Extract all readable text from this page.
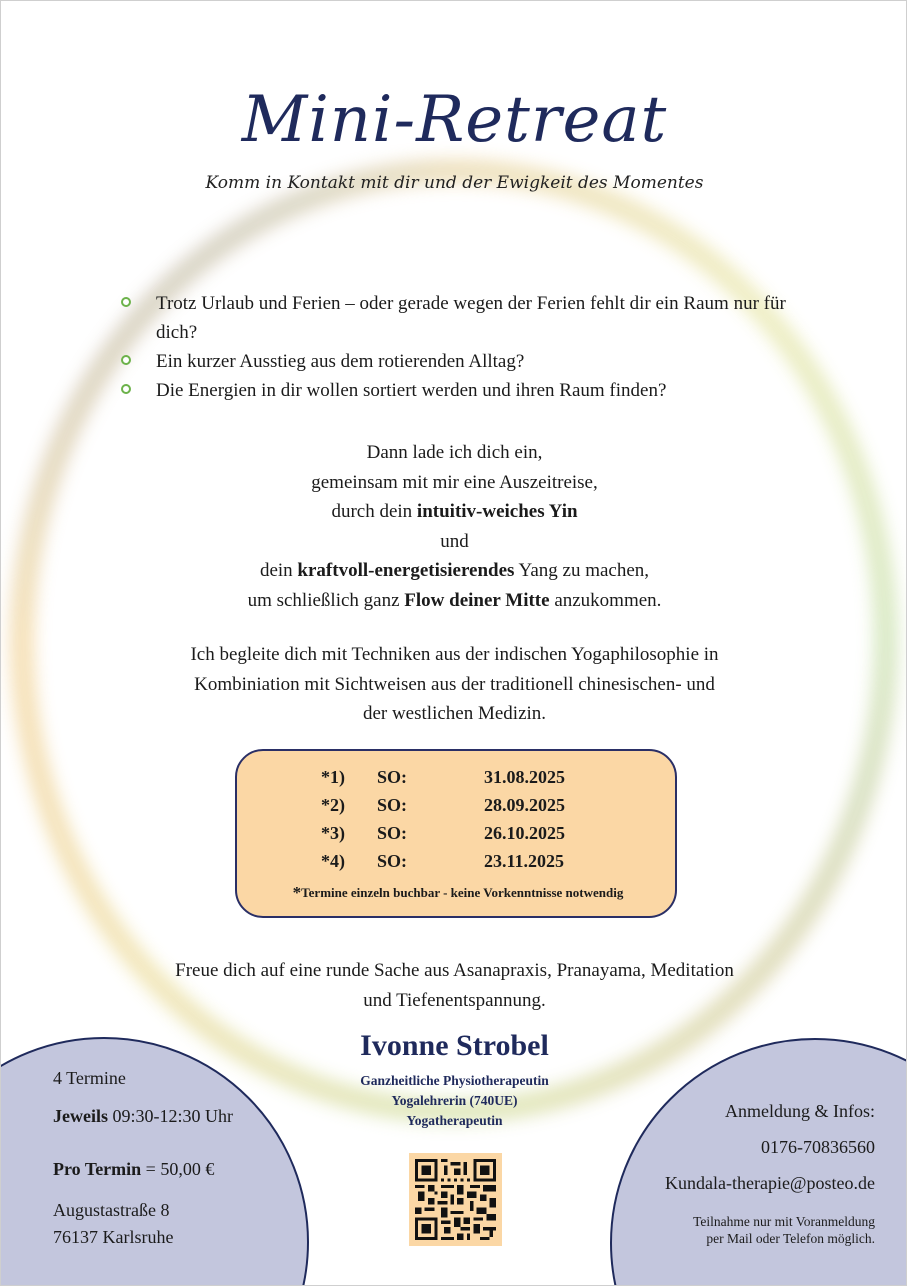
Mini-Retreat
Komm in Kontakt mit dir und der Ewigkeit des Momentes
Trotz Urlaub und Ferien – oder gerade wegen der Ferien fehlt dir ein Raum nur für dich?
Ein kurzer Ausstieg aus dem rotierenden Alltag?
Die Energien in dir wollen sortiert werden und ihren Raum finden?
Dann lade ich dich ein,
gemeinsam mit mir eine Auszeitreise,
durch dein intuitiv-weiches Yin
und
dein kraftvoll-energetisierendes Yang zu machen,
um schließlich ganz Flow deiner Mitte anzukommen.
Ich begleite dich mit Techniken aus der indischen Yogaphilosophie in
Kombiniation mit Sichtweisen aus der traditionell chinesischen- und
der westlichen Medizin.
*1) SO:	31.08.2025
*2) SO:	28.09.2025
*3) SO:	26.10.2025
*4) SO:	23.11.2025
*Termine einzeln buchbar - keine Vorkenntnisse notwendig
Freue dich auf eine runde Sache aus Asanapraxis, Pranayama, Meditation
und Tiefenentspannung.
4 Termine
Jeweils 09:30-12:30 Uhr
Pro Termin = 50,00 €
Augustastraße 8
76137 Karlsruhe
Ivonne Strobel
Ganzheitliche Physiotherapeutin
Yogalehrerin (740UE)
Yogatherapeutin	Anmeldung & Infos:
0176-70836560
Kundala-therapie@posteo.de
Teilnahme nur mit Voranmeldung
per Mail oder Telefon möglich.
